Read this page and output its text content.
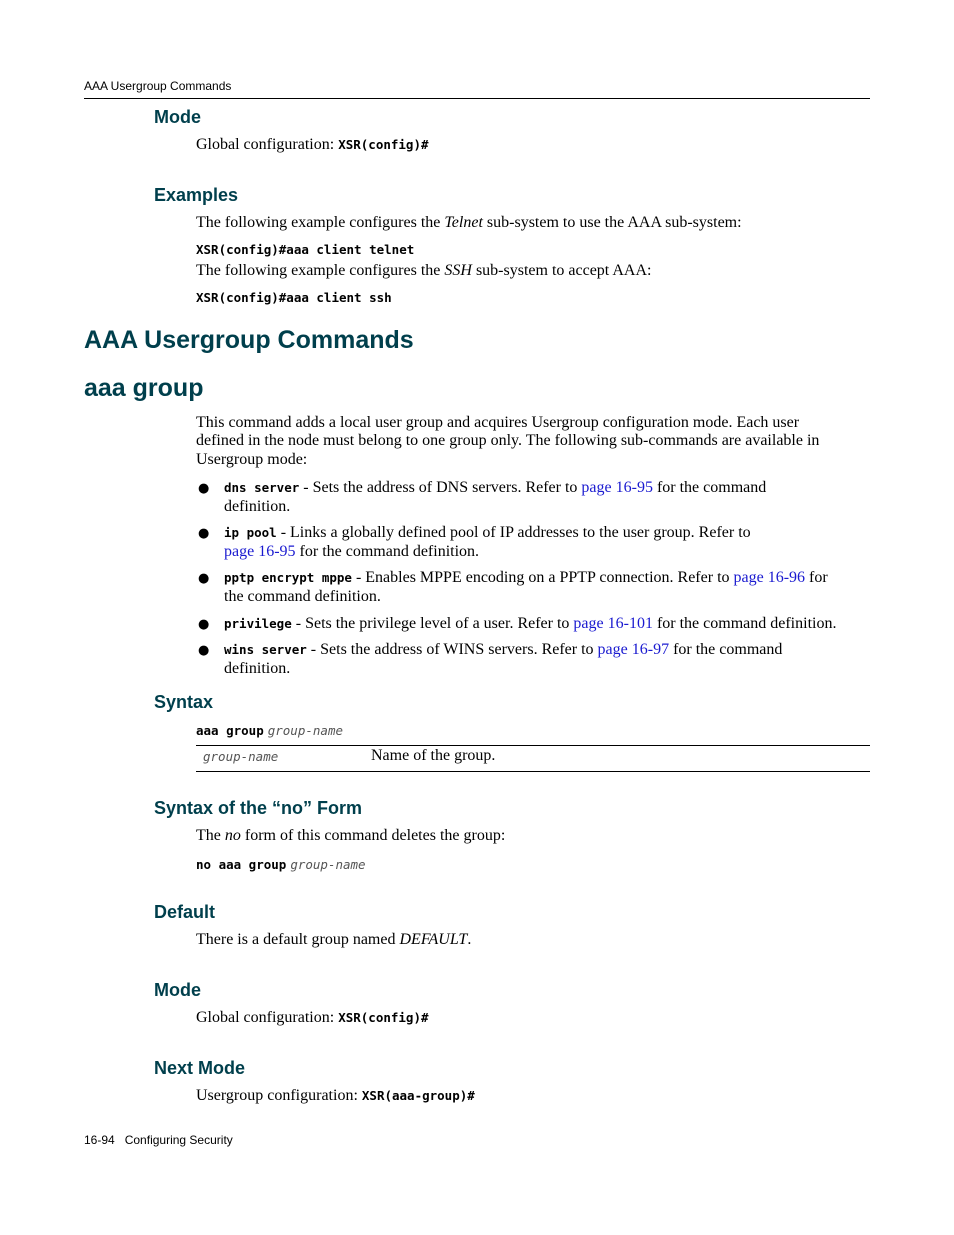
AAA Usergroup Commands
Mode
Global configuration: XSR(config)#
Examples
The following example configures the Telnet sub-system to use the AAA sub-system:
XSR(config)#aaa client telnet
The following example configures the SSH sub-system to accept AAA:
XSR(config)#aaa client ssh
AAA Usergroup Commands
aaa group
This command adds a local user group and acquires Usergroup configuration mode. Each user
defined in the node must belong to one group only. The following sub-commands are available in
Usergroup mode:
● dns server - Sets the address of DNS servers. Refer to page 16-95 for the command
definition.
● ip pool - Links a globally defined pool of IP addresses to the user group. Refer to
page 16-95 for the command definition.
● pptp encrypt mppe - Enables MPPE encoding on a PPTP connection. Refer to page 16-96 for
the command definition.
● privilege - Sets the privilege level of a user. Refer to page 16-101 for the command definition.
● wins server - Sets the address of WINS servers. Refer to page 16-97 for the command
definition.
Syntax
aaa group group-name
group-name	Name of the group.
Syntax of the “no” Form
The no form of this command deletes the group:
no aaa group group-name
Default
There is a default group named DEFAULT.
Mode
Global configuration: XSR(config)#
Next Mode
Usergroup configuration: XSR(aaa-group)#
16-94 Configuring Security
